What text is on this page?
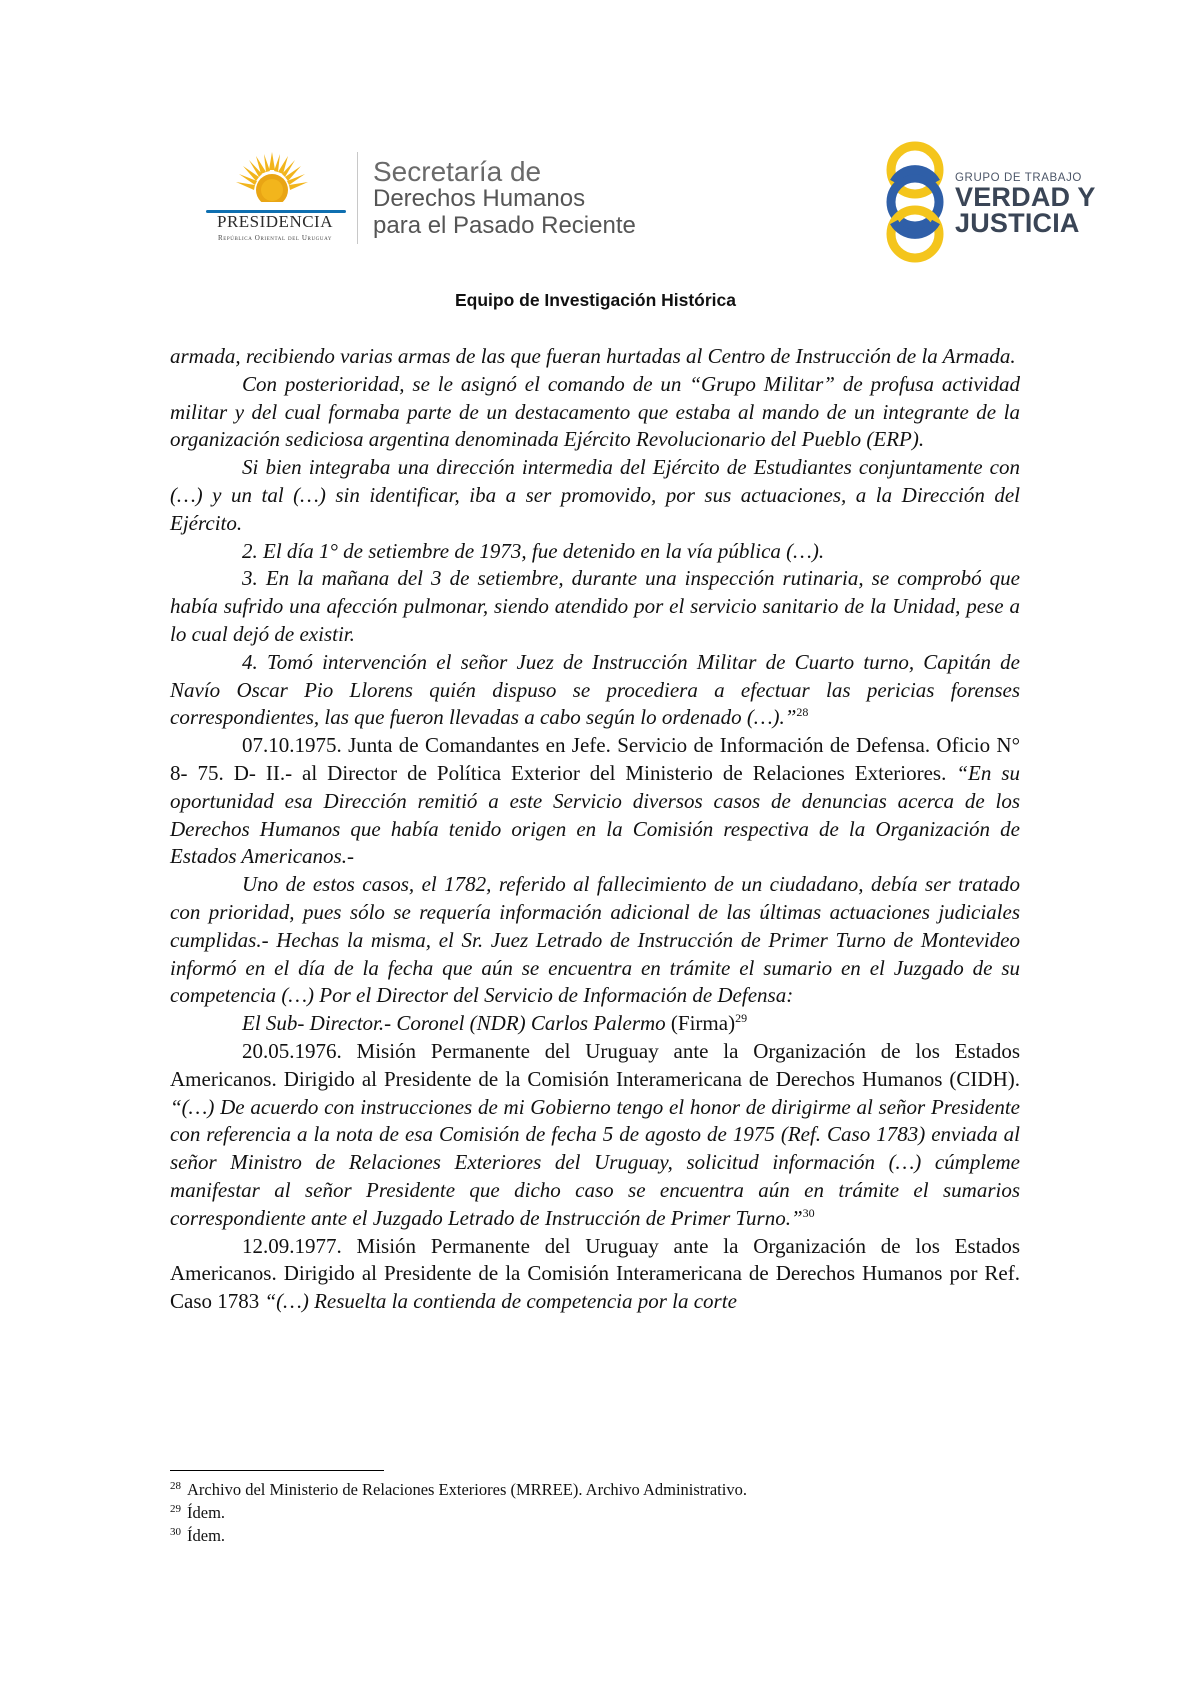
PRESIDENCIA
República Oriental del Uruguay
Secretaría de
Derechos Humanos
para el Pasado Reciente
GRUPO DE TRABAJO
VERDAD Y
JUSTICIA
Equipo de Investigación Histórica

armada, recibiendo varias armas de las que fueran hurtadas al Centro de Instrucción de la Armada.

Con posterioridad, se le asignó el comando de un “Grupo Militar” de profusa actividad militar y del cual formaba parte de un destacamento que estaba al mando de un integrante de la organización sediciosa argentina denominada Ejército Revolucionario del Pueblo (ERP).

Si bien integraba una dirección intermedia del Ejército de Estudiantes conjuntamente con (…) y un tal (…) sin identificar, iba a ser promovido, por sus actuaciones, a la Dirección del Ejército.

2. El día 1° de setiembre de 1973, fue detenido en la vía pública (…).

3. En la mañana del 3 de setiembre, durante una inspección rutinaria, se comprobó que había sufrido una afección pulmonar, siendo atendido por el servicio sanitario de la Unidad, pese a lo cual dejó de existir.

4. Tomó intervención el señor Juez de Instrucción Militar de Cuarto turno, Capitán de Navío Oscar Pio Llorens quién dispuso se procediera a efectuar las pericias forenses correspondientes, las que fueron llevadas a cabo según lo ordenado (…).”$^{28}$

07.10.1975. Junta de Comandantes en Jefe. Servicio de Información de Defensa. Oficio N° 8- 75. D- II.- al Director de Política Exterior del Ministerio de Relaciones Exteriores. “En su oportunidad esa Dirección remitió a este Servicio diversos casos de denuncias acerca de los Derechos Humanos que había tenido origen en la Comisión respectiva de la Organización de Estados Americanos.-

Uno de estos casos, el 1782, referido al fallecimiento de un ciudadano, debía ser tratado con prioridad, pues sólo se requería información adicional de las últimas actuaciones judiciales cumplidas.- Hechas la misma, el Sr. Juez Letrado de Instrucción de Primer Turno de Montevideo informó en el día de la fecha que aún se encuentra en trámite el sumario en el Juzgado de su competencia (…) Por el Director del Servicio de Información de Defensa:

El Sub- Director.- Coronel (NDR) Carlos Palermo (Firma)$^{29}$

20.05.1976. Misión Permanente del Uruguay ante la Organización de los Estados Americanos. Dirigido al Presidente de la Comisión Interamericana de Derechos Humanos (CIDH). “(…) De acuerdo con instrucciones de mi Gobierno tengo el honor de dirigirme al señor Presidente con referencia a la nota de esa Comisión de fecha 5 de agosto de 1975 (Ref. Caso 1783) enviada al señor Ministro de Relaciones Exteriores del Uruguay, solicitud información (…) cúmpleme manifestar al señor Presidente que dicho caso se encuentra aún en trámite el sumarios correspondiente ante el Juzgado Letrado de Instrucción de Primer Turno.”$^{30}$

12.09.1977. Misión Permanente del Uruguay ante la Organización de los Estados Americanos. Dirigido al Presidente de la Comisión Interamericana de Derechos Humanos por Ref. Caso 1783 “(…) Resuelta la contienda de competencia por la corte

$^{28}$ Archivo del Ministerio de Relaciones Exteriores (MRREE). Archivo Administrativo.

$^{29}$ Ídem.

$^{30}$ Ídem.
